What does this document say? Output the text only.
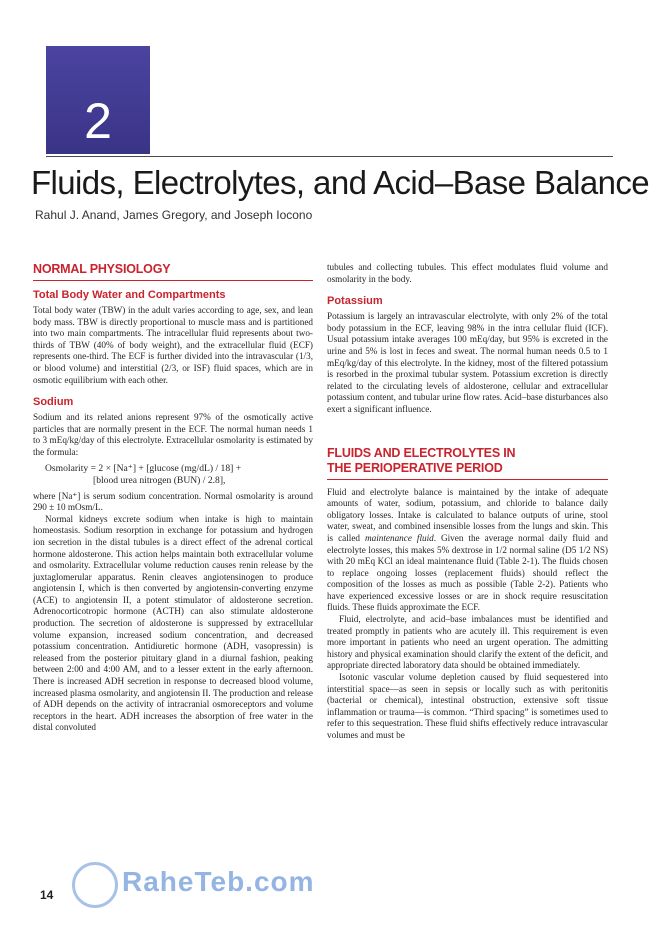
2
Fluids, Electrolytes, and Acid–Base Balance
Rahul J. Anand, James Gregory, and Joseph Iocono
NORMAL PHYSIOLOGY
Total Body Water and Compartments

Total body water (TBW) in the adult varies according to age, sex, and lean body mass. TBW is directly proportional to muscle mass and is partitioned into two main compartments. The intracellular fluid represents about two-thirds of TBW (40% of body weight), and the extracellular fluid (ECF) represents one-third. The ECF is further divided into the intravascular (1/3, or blood volume) and interstitial (2/3, or ISF) fluid spaces, which are in osmotic equilibrium with each other.

Sodium

Sodium and its related anions represent 97% of the osmotically active particles that are normally present in the ECF. The normal human needs 1 to 3 mEq/kg/day of this electrolyte. Extracellular osmolarity is estimated by the formula:

Osmolarity = 2 × [Na⁺] + [glucose (mg/dL) / 18] +
[blood urea nitrogen (BUN) / 2.8],

where [Na⁺] is serum sodium concentration. Normal osmolarity is around 290 ± 10 mOsm/L.

Normal kidneys excrete sodium when intake is high to maintain homeostasis. Sodium resorption in exchange for potassium and hydrogen ion secretion in the distal tubules is a direct effect of the adrenal cortical hormone aldosterone. This action helps maintain both extracellular volume and osmolarity. Extracellular volume reduction causes renin release by the juxtaglomerular apparatus. Renin cleaves angiotensinogen to produce angiotensin I, which is then converted by angiotensin-converting enzyme (ACE) to angiotensin II, a potent stimulator of aldosterone secretion. Adrenocorticotropic hormone (ACTH) can also stimulate aldosterone production. The secretion of aldosterone is suppressed by extracellular volume expansion, increased sodium concentration, and decreased potassium concentration. Antidiuretic hormone (ADH, vasopressin) is released from the posterior pituitary gland in a diurnal fashion, peaking between 2:00 and 4:00 AM, and to a lesser extent in the early afternoon. There is increased ADH secretion in response to decreased blood volume, increased plasma osmolarity, and angiotensin II. The production and release of ADH depends on the activity of intracranial osmoreceptors and volume receptors in the heart. ADH increases the absorption of free water in the distal convoluted

tubules and collecting tubules. This effect modulates fluid volume and osmolarity in the body.

Potassium

Potassium is largely an intravascular electrolyte, with only 2% of the total body potassium in the ECF, leaving 98% in the intra cellular fluid (ICF). Usual potassium intake averages 100 mEq/day, but 95% is excreted in the urine and 5% is lost in feces and sweat. The normal human needs 0.5 to 1 mEq/kg/day of this electrolyte. In the kidney, most of the filtered potassium is resorbed in the proximal tubular system. Potassium excretion is directly related to the circulating levels of aldosterone, cellular and extracellular potassium content, and tubular urine flow rates. Acid–base disturbances also exert a significant influence.

FLUIDS AND ELECTROLYTES IN
THE PERIOPERATIVE PERIOD

Fluid and electrolyte balance is maintained by the intake of adequate amounts of water, sodium, potassium, and chloride to balance daily obligatory losses. Intake is calculated to balance outputs of urine, stool water, sweat, and combined insensible losses from the lungs and skin. This is called maintenance fluid. Given the average normal daily fluid and electrolyte losses, this makes 5% dextrose in 1/2 normal saline (D5 1/2 NS) with 20 mEq KCl an ideal maintenance fluid (Table 2-1). The fluids chosen to replace ongoing losses (replacement fluids) should reflect the composition of the losses as much as possible (Table 2-2). Patients who have experienced excessive losses or are in shock require resuscitation fluids. These fluids approximate the ECF.

Fluid, electrolyte, and acid–base imbalances must be identified and treated promptly in patients who are acutely ill. This requirement is even more important in patients who need an urgent operation. The admitting history and physical examination should clarify the extent of the deficit, and appropriate directed laboratory data should be obtained immediately.

Isotonic vascular volume depletion caused by fluid sequestered into interstitial space—as seen in sepsis or locally such as with peritonitis (bacterial or chemical), intestinal obstruction, extensive soft tissue inflammation or trauma—is common. “Third spacing” is sometimes used to refer to this sequestration. These fluid shifts effectively reduce intravascular volumes and must be

RaheTeb.com
14
